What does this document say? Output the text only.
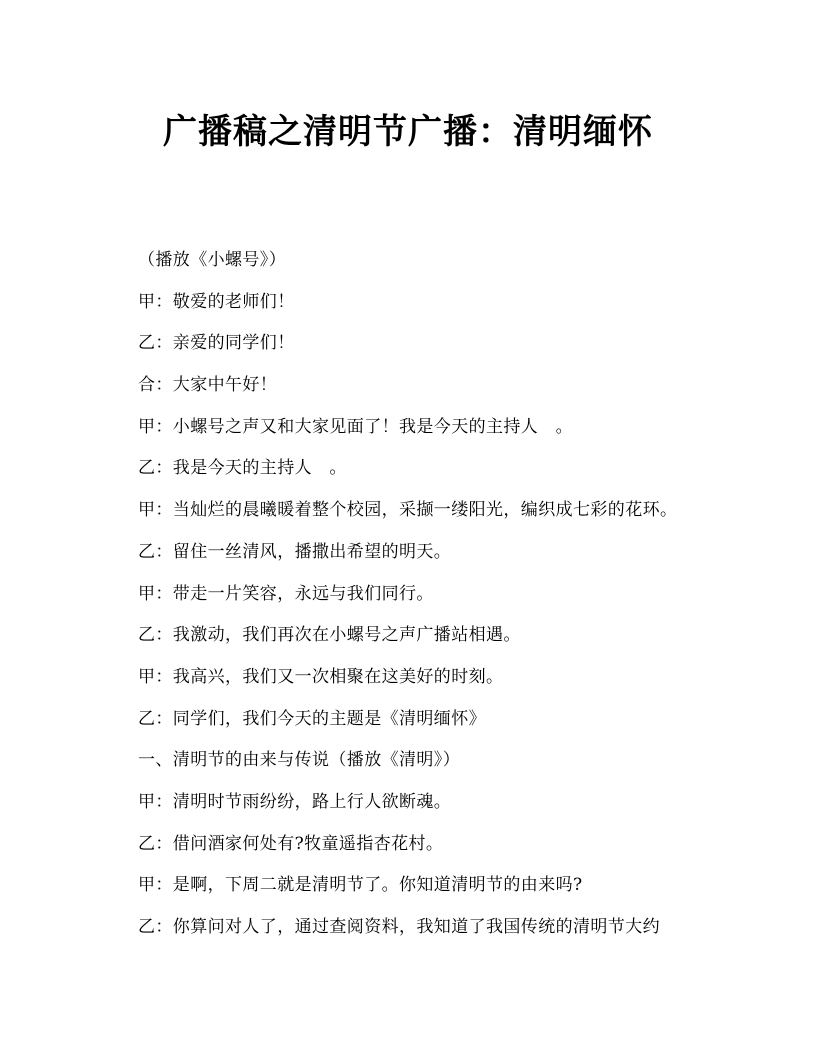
广播稿之清明节广播：清明缅怀
（播放《小螺号》）
甲：敬爱的老师们！
乙：亲爱的同学们！
合：大家中午好！
甲：小螺号之声又和大家见面了！我是今天的主持人　。
乙：我是今天的主持人　。
甲：当灿烂的晨曦暖着整个校园，采撷一缕阳光，编织成七彩的花环。
乙：留住一丝清风，播撒出希望的明天。
甲：带走一片笑容，永远与我们同行。
乙：我激动，我们再次在小螺号之声广播站相遇。
甲：我高兴，我们又一次相聚在这美好的时刻。
乙：同学们，我们今天的主题是《清明缅怀》
一、清明节的由来与传说（播放《清明》）
甲：清明时节雨纷纷，路上行人欲断魂。
乙：借问酒家何处有?牧童遥指杏花村。
甲：是啊，下周二就是清明节了。你知道清明节的由来吗?
乙：你算问对人了，通过查阅资料，我知道了我国传统的清明节大约
